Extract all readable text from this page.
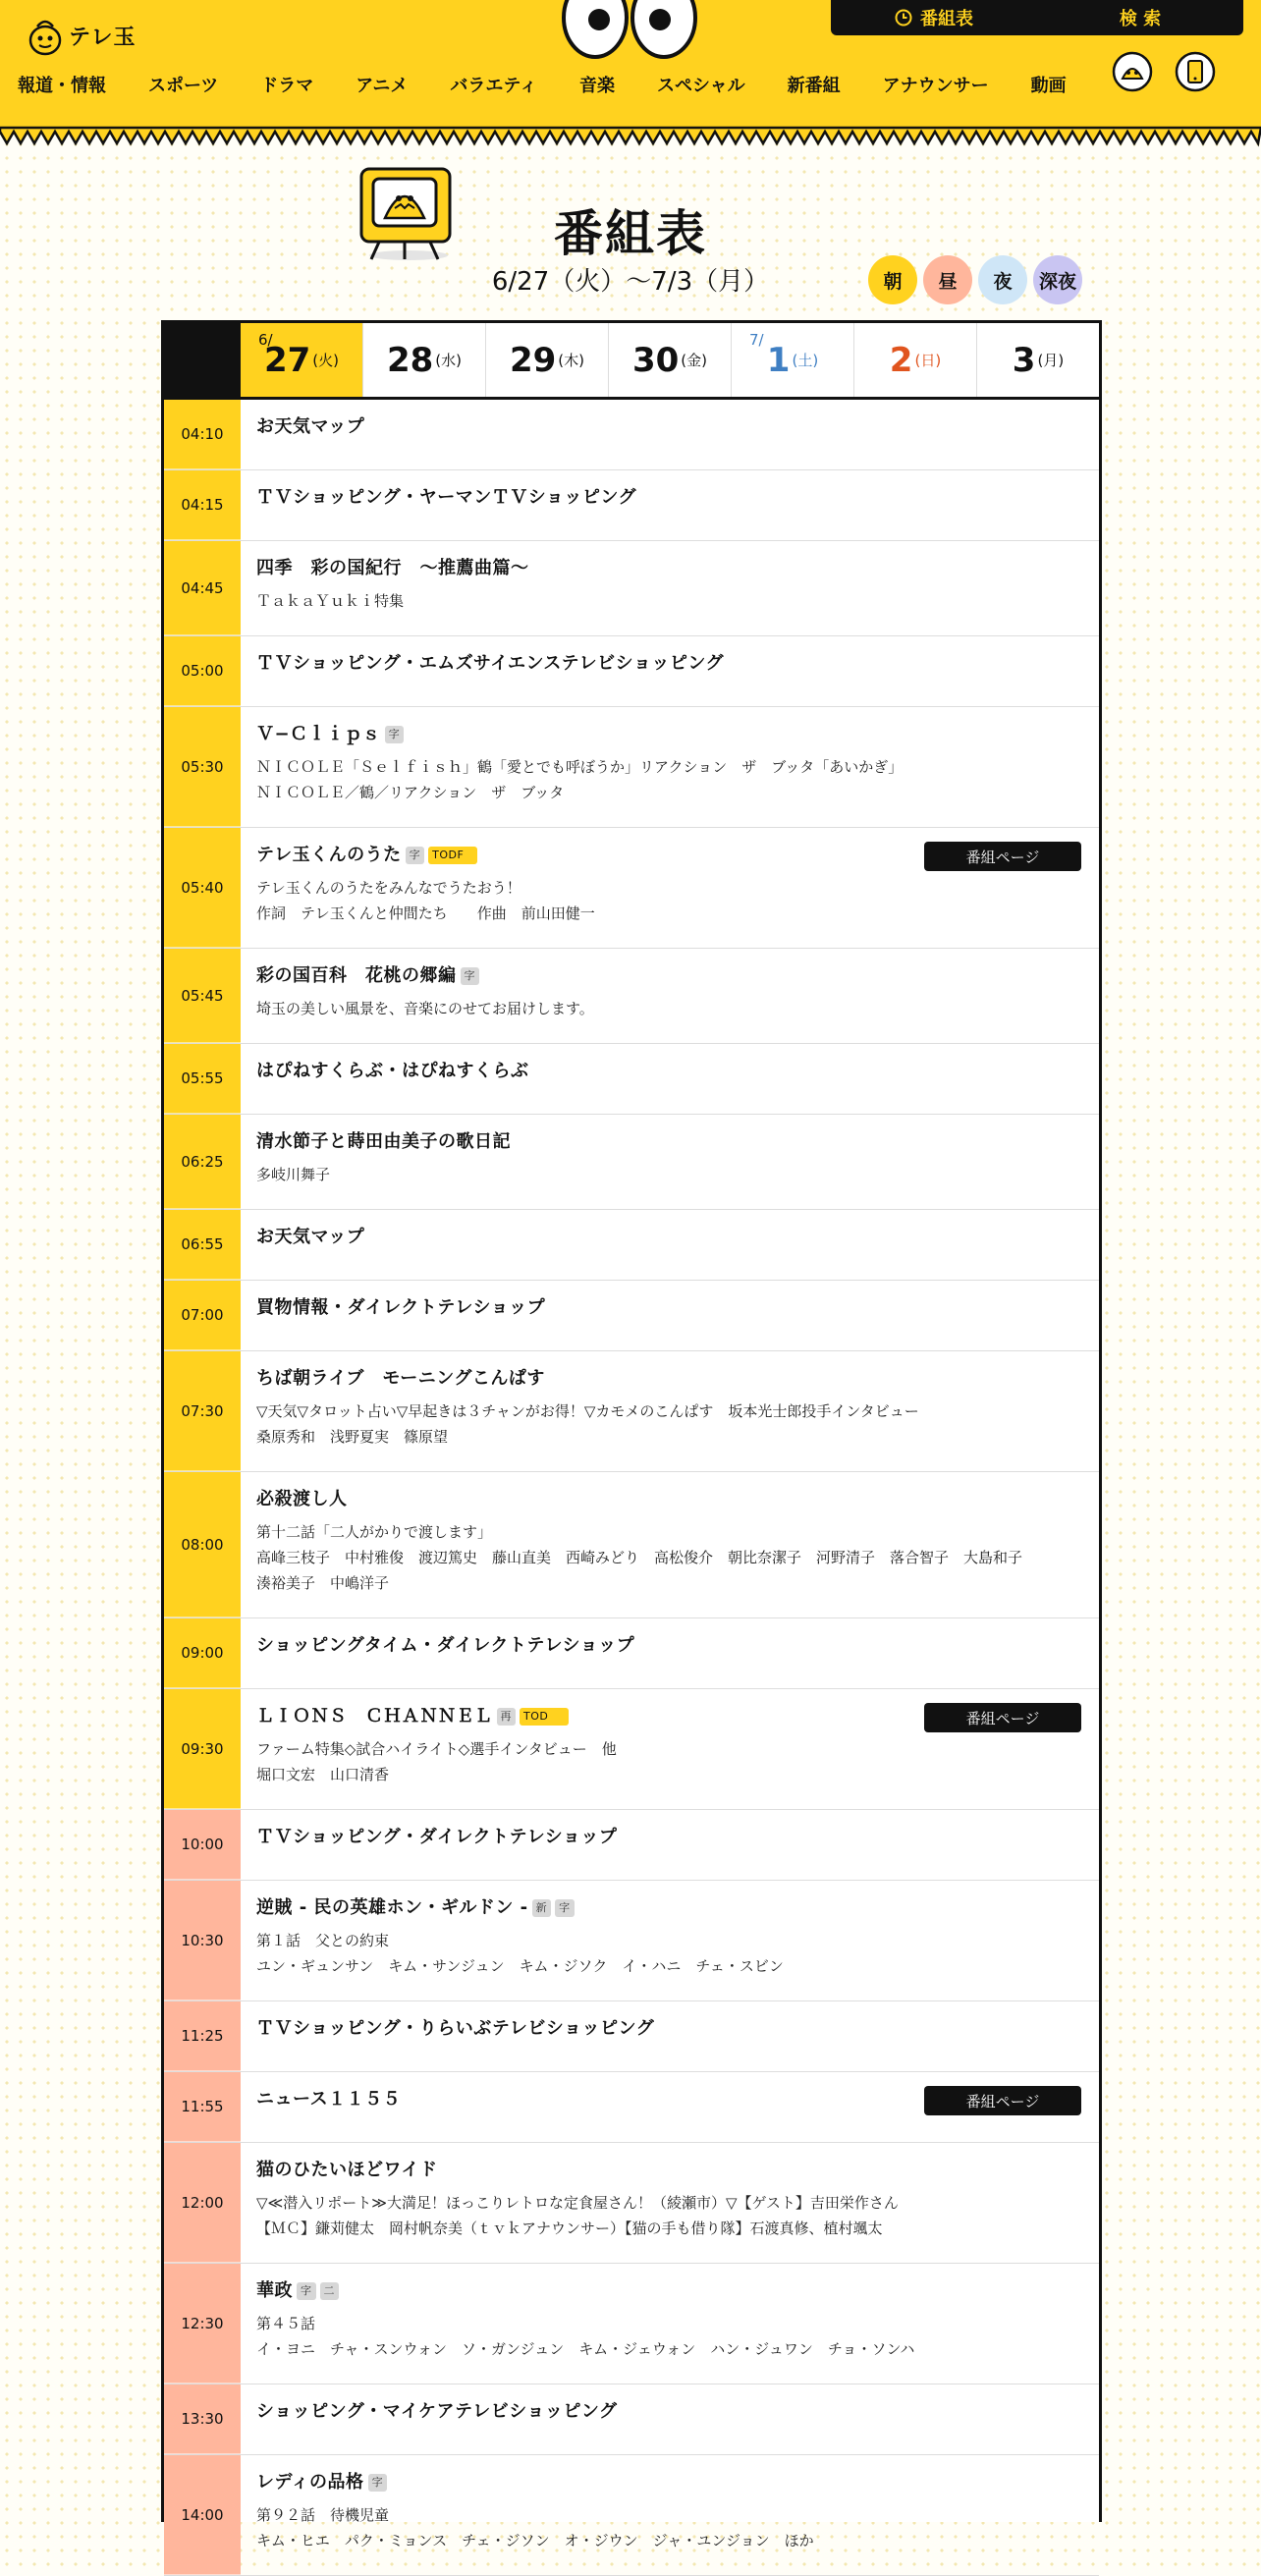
テレ玉
番組表	検 索
報道・情報 スポーツ ドラマ アニメ バラエティ 音楽 スペシャル 新番組 アナウンサー 動画
番組表
6/27（火）〜7/3（月）	朝	昼	夜	深夜
6/
27 (火) 28 (水) 29 (木) 30 (金)
7/
1 (土) 2 (日) 3 (月)
04:10	お天気マップ
04:15	ＴＶショッピング・ヤーマンＴＶショッピング
04:45
四季　彩の国紀行　〜推薦曲篇〜
ＴａｋａＹｕｋｉ特集
05:00	ＴＶショッピング・エムズサイエンステレビショッピング
05:30
Ｖ−Ｃｌｉｐｓ 字
ＮＩＣＯＬＥ「Ｓｅｌｆｉｓｈ」鶴「愛とでも呼ぼうか」リアクション　ザ　ブッタ「あいかぎ」
ＮＩＣＯＬＥ／鶴／リアクション　ザ　ブッタ
05:40
テレ玉くんのうた 字 TODF
テレ玉くんのうたをみんなでうたおう！
作詞　テレ玉くんと仲間たち　　作曲　前山田健一
番組ページ
05:45
彩の国百科　花桃の郷編 字
埼玉の美しい風景を、音楽にのせてお届けします。
05:55	はぴねすくらぶ・はぴねすくらぶ
06:25
清水節子と蒔田由美子の歌日記
多岐川舞子
06:55	お天気マップ
07:00	買物情報・ダイレクトテレショップ
07:30
ちば朝ライブ　モーニングこんぱす
▽天気▽タロット占い▽早起きは３チャンがお得！▽カモメのこんぱす　坂本光士郎投手インタビュー
桑原秀和　浅野夏実　篠原望
08:00
必殺渡し人
第十二話「二人がかりで渡します」
高峰三枝子　中村雅俊　渡辺篤史　藤山直美　西崎みどり　高松俊介　朝比奈潔子　河野清子　落合智子　大島和子
湊裕美子　中嶋洋子
09:00	ショッピングタイム・ダイレクトテレショップ
09:30
ＬＩＯＮＳ　ＣＨＡＮＮＥＬ 再 TOD
ファーム特集◇試合ハイライト◇選手インタビュー　他
堀口文宏　山口清香
番組ページ
10:00	ＴＶショッピング・ダイレクトテレショップ
10:30
逆賊 - 民の英雄ホン・ギルドン - 新 字
第１話　父との約束
ユン・ギュンサン　キム・サンジュン　キム・ジソク　イ・ハニ　チェ・スビン
11:25	ＴＶショッピング・りらいぶテレビショッピング
11:55	ニュース１１５５	番組ページ
12:00
猫のひたいほどワイド
▽≪潜入リポート≫大満足！ほっこりレトロな定食屋さん！（綾瀬市）▽【ゲスト】吉田栄作さん
【ＭＣ】鎌苅健太　岡村帆奈美（ｔｖｋアナウンサー）【猫の手も借り隊】石渡真修、植村颯太
12:30
華政 字 二
第４５話
イ・ヨニ　チャ・スンウォン　ソ・ガンジュン　キム・ジェウォン　ハン・ジュワン　チョ・ソンハ
13:30	ショッピング・マイケアテレビショッピング
14:00
レディの品格 字
第９２話　待機児童
キム・ヒエ　パク・ミョンス　チェ・ジソン　オ・ジウン　ジャ・ユンジョン　ほか
